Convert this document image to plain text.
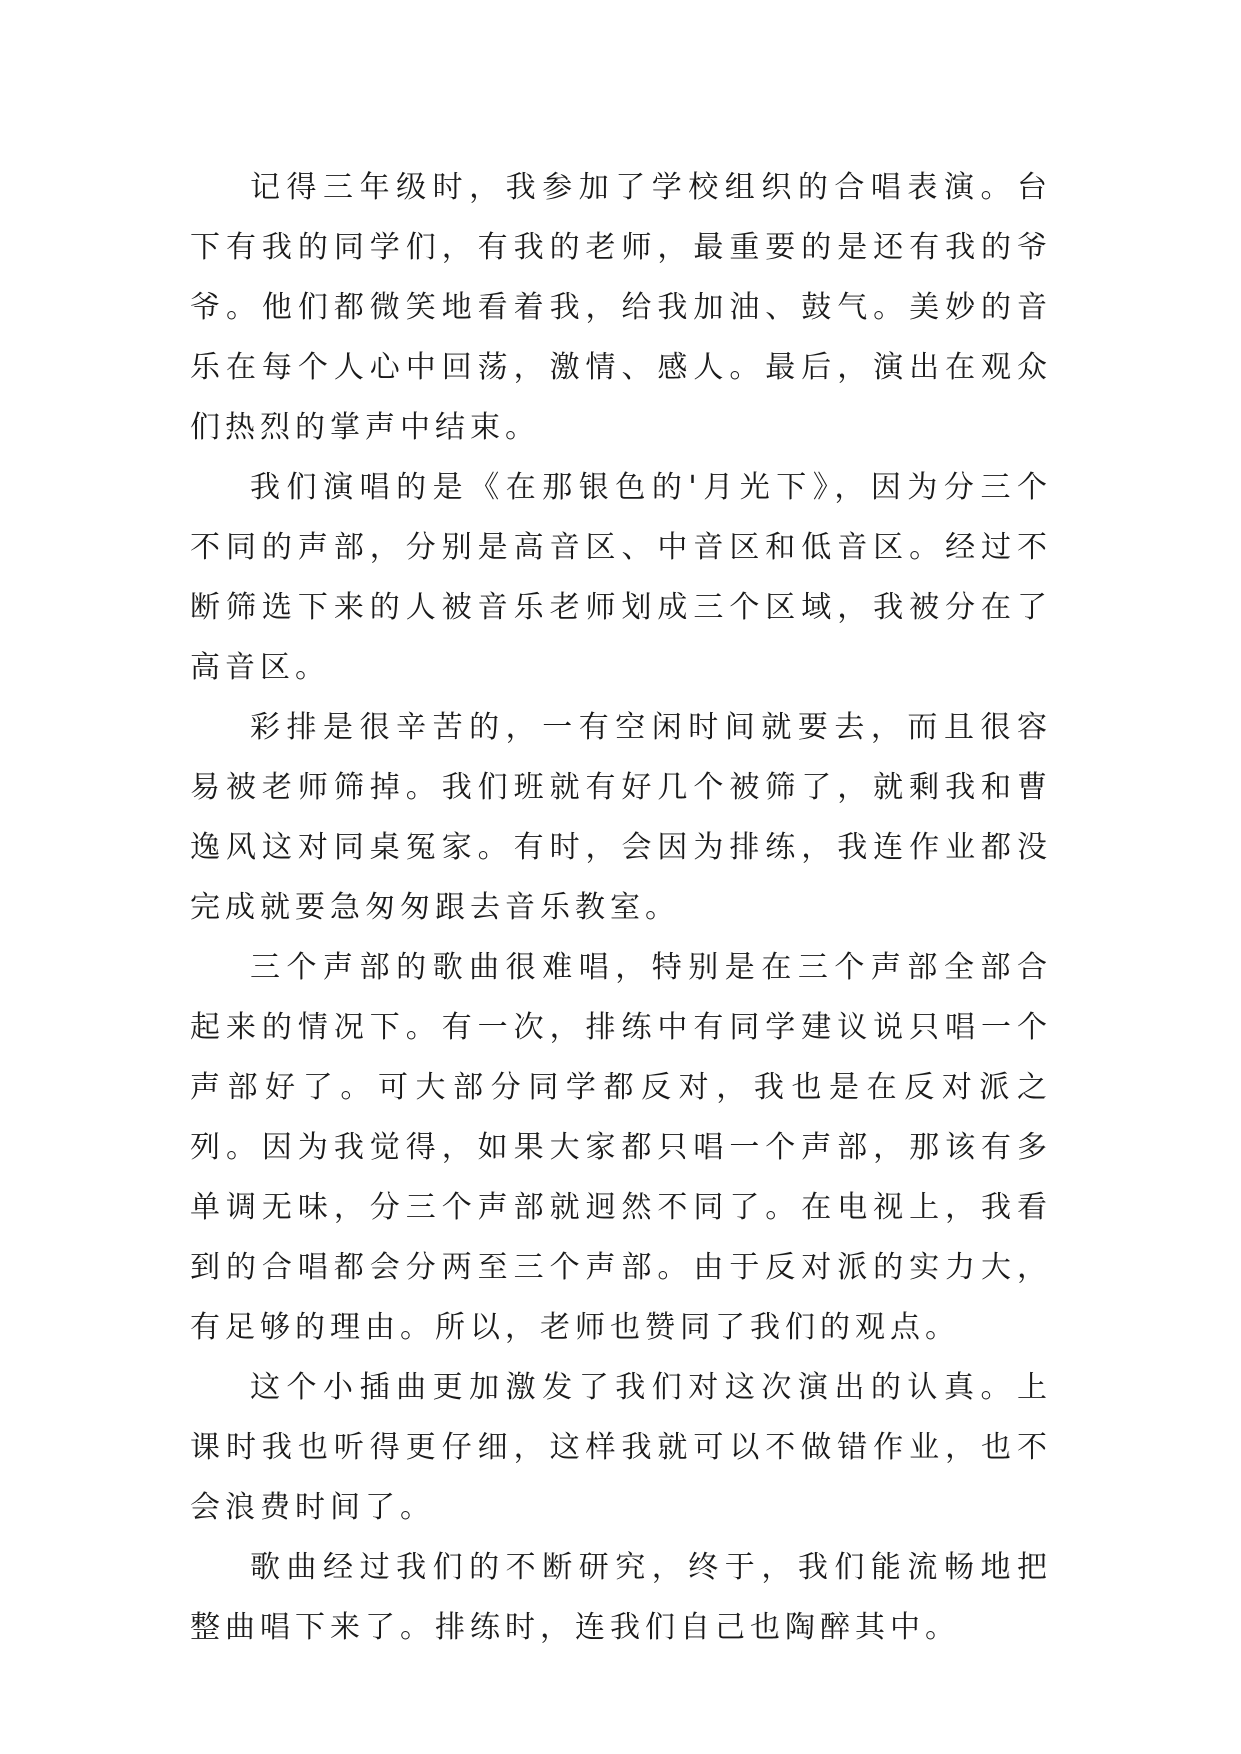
记得三年级时，我参加了学校组织的合唱表演。台下有我的同学们，有我的老师，最重要的是还有我的爷爷。他们都微笑地看着我，给我加油、鼓气。美妙的音乐在每个人心中回荡，激情、感人。最后，演出在观众们热烈的掌声中结束。

我们演唱的是《在那银色的'月光下》，因为分三个不同的声部，分别是高音区、中音区和低音区。经过不断筛选下来的人被音乐老师划成三个区域，我被分在了高音区。

彩排是很辛苦的，一有空闲时间就要去，而且很容易被老师筛掉。我们班就有好几个被筛了，就剩我和曹逸风这对同桌冤家。有时，会因为排练，我连作业都没完成就要急匆匆跟去音乐教室。

三个声部的歌曲很难唱，特别是在三个声部全部合起来的情况下。有一次，排练中有同学建议说只唱一个声部好了。可大部分同学都反对，我也是在反对派之列。因为我觉得，如果大家都只唱一个声部，那该有多单调无味，分三个声部就迥然不同了。在电视上，我看到的合唱都会分两至三个声部。由于反对派的实力大，有足够的理由。所以，老师也赞同了我们的观点。

这个小插曲更加激发了我们对这次演出的认真。上课时我也听得更仔细，这样我就可以不做错作业，也不会浪费时间了。

歌曲经过我们的不断研究，终于，我们能流畅地把整曲唱下来了。排练时，连我们自己也陶醉其中。
